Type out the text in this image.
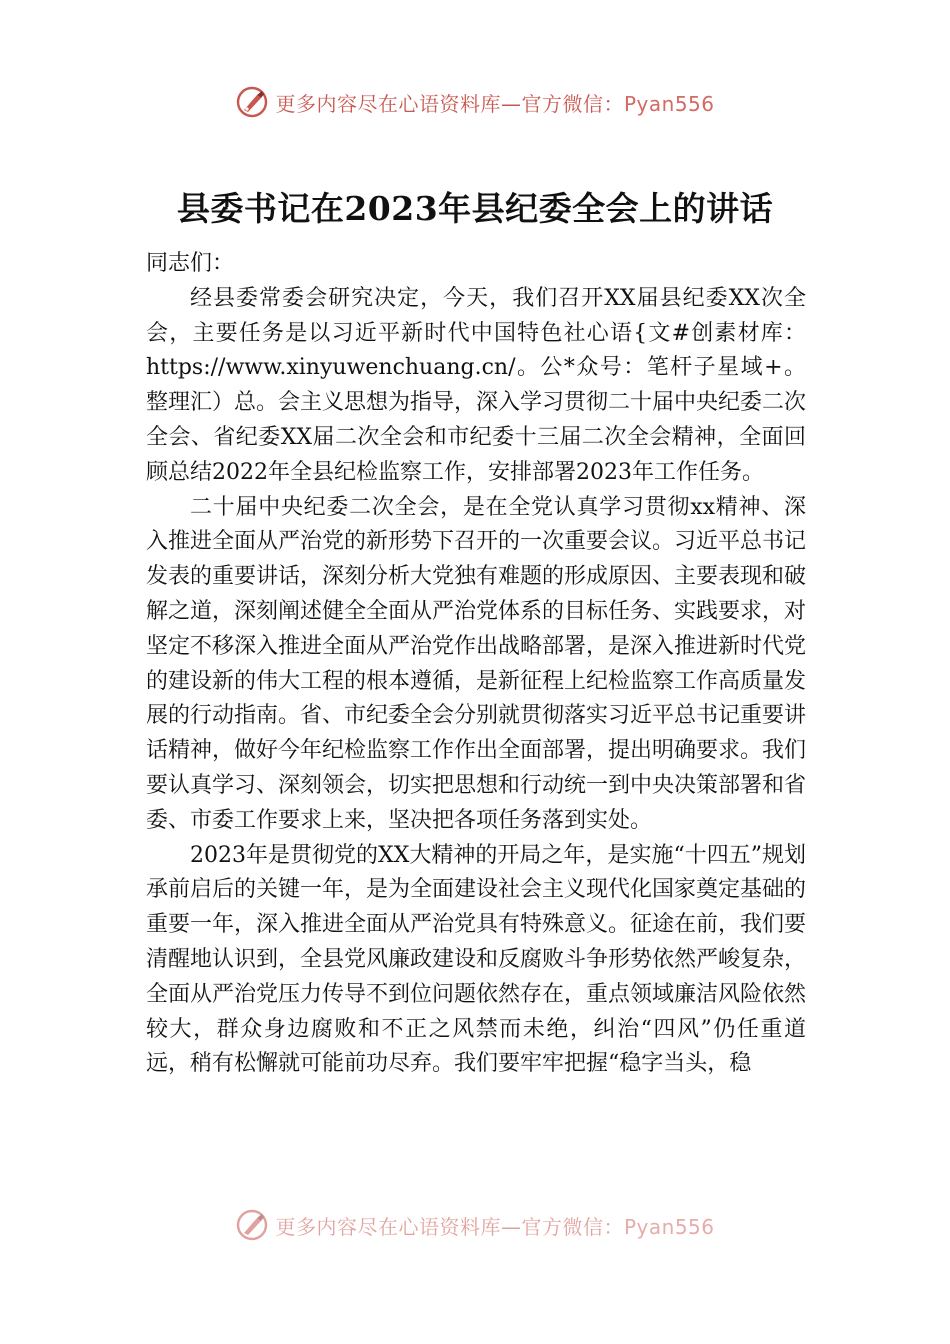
更多内容尽在心语资料库—官方微信：Pyan556
县委书记在2023年县纪委全会上的讲话

同志们：

经县委常委会研究决定，今天，我们召开XX届县纪委XX次全会，主要任务是以习近平新时代中国特色社心语{文#创素材库：https://www.xinyuwenchuang.cn/。公*众号：笔杆子星域+。整理汇）总。会主义思想为指导，深入学习贯彻二十届中央纪委二次全会、省纪委XX届二次全会和市纪委十三届二次全会精神，全面回顾总结2022年全县纪检监察工作，安排部署2023年工作任务。

二十届中央纪委二次全会，是在全党认真学习贯彻xx精神、深入推进全面从严治党的新形势下召开的一次重要会议。习近平总书记发表的重要讲话，深刻分析大党独有难题的形成原因、主要表现和破解之道，深刻阐述健全全面从严治党体系的目标任务、实践要求，对坚定不移深入推进全面从严治党作出战略部署，是深入推进新时代党的建设新的伟大工程的根本遵循，是新征程上纪检监察工作高质量发展的行动指南。省、市纪委全会分别就贯彻落实习近平总书记重要讲话精神，做好今年纪检监察工作作出全面部署，提出明确要求。我们要认真学习、深刻领会，切实把思想和行动统一到中央决策部署和省委、市委工作要求上来，坚决把各项任务落到实处。

2023年是贯彻党的XX大精神的开局之年，是实施“十四五”规划承前启后的关键一年，是为全面建设社会主义现代化国家奠定基础的重要一年，深入推进全面从严治党具有特殊意义。征途在前，我们要清醒地认识到，全县党风廉政建设和反腐败斗争形势依然严峻复杂，全面从严治党压力传导不到位问题依然存在，重点领域廉洁风险依然较大，群众身边腐败和不正之风禁而未绝，纠治“四风”仍任重道远，稍有松懈就可能前功尽弃。我们要牢牢把握“稳字当头，稳

更多内容尽在心语资料库—官方微信：Pyan556
